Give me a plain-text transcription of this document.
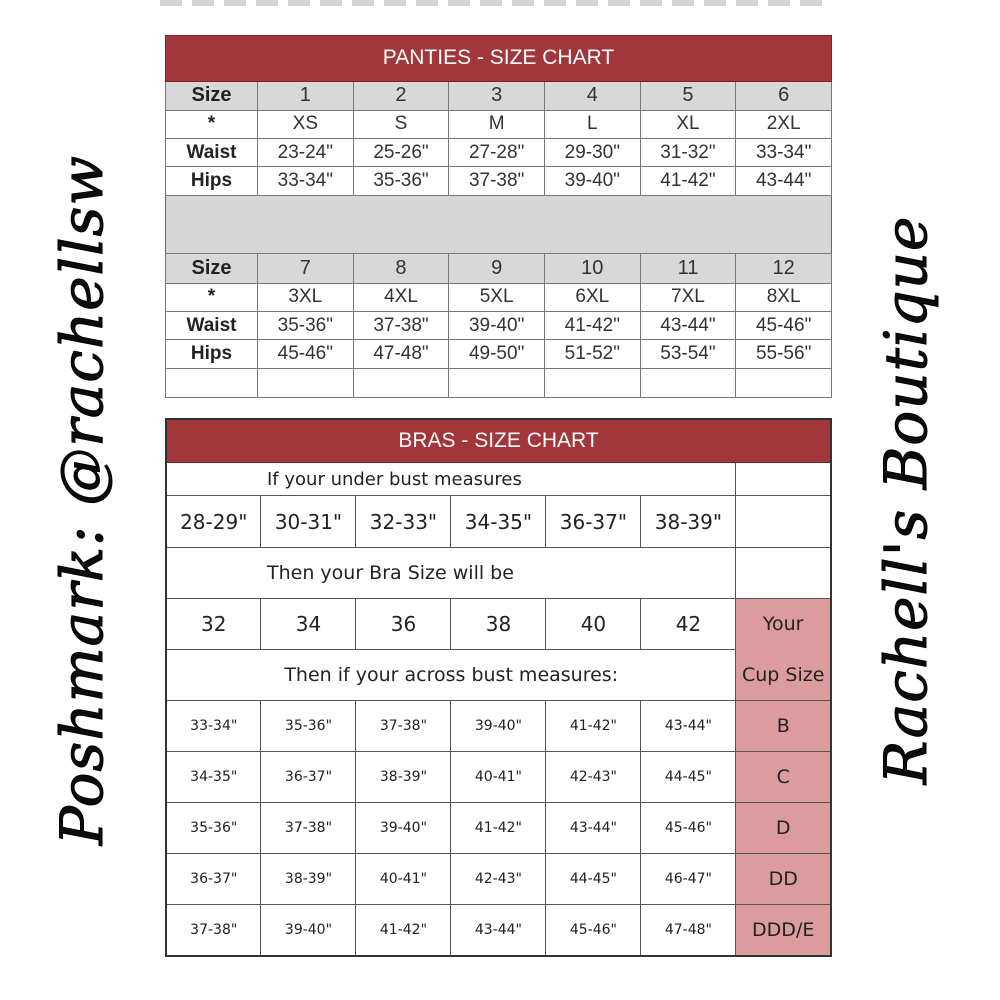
Poshmark: @rachellsw	Rachell's Boutique
PANTIES - SIZE CHART						
Size	1	2	3	4	5	6
*	XS	S	M	L	XL	2XL
Waist	23-24"	25-26"	27-28"	29-30"	31-32"	33-34"
Hips	33-34"	35-36"	37-38"	39-40"	41-42"	43-44"

Size	7	8	9	10	11	12
*	3XL	4XL	5XL	6XL	7XL	8XL
Waist	35-36"	37-38"	39-40"	41-42"	43-44"	45-46"
Hips	45-46"	47-48"	49-50"	51-52"	53-54"	55-56"

BRAS - SIZE CHART						
If your under bust measures						
28-29"	30-31"	32-33"	34-35"	36-37"	38-39"	
Then your Bra Size will be						
32	34	36	38	40	42	Your
Then if your across bust measures:						Cup Size
33-34"	35-36"	37-38"	39-40"	41-42"	43-44"	B
34-35"	36-37"	38-39"	40-41"	42-43"	44-45"	C
35-36"	37-38"	39-40"	41-42"	43-44"	45-46"	D
36-37"	38-39"	40-41"	42-43"	44-45"	46-47"	DD
37-38"	39-40"	41-42"	43-44"	45-46"	47-48"	DDD/E
